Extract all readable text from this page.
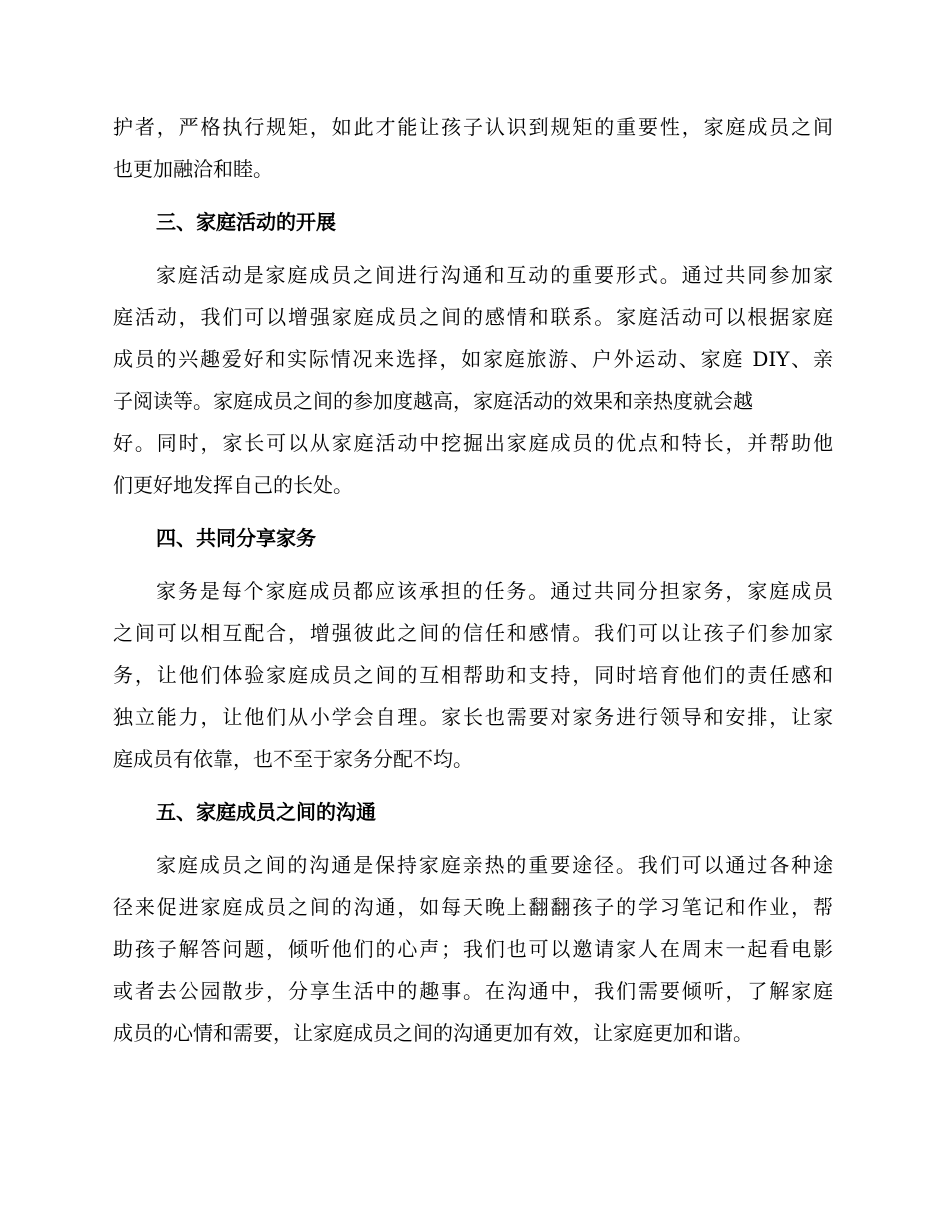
护者，严格执行规矩，如此才能让孩子认识到规矩的重要性，家庭成员之间
也更加融洽和睦。
三、家庭活动的开展
家庭活动是家庭成员之间进行沟通和互动的重要形式。通过共同参加家
庭活动，我们可以增强家庭成员之间的感情和联系。家庭活动可以根据家庭
成员的兴趣爱好和实际情况来选择，如家庭旅游、户外运动、家庭 DIY、亲
子阅读等。家庭成员之间的参加度越高，家庭活动的效果和亲热度就会越
好。同时，家长可以从家庭活动中挖掘出家庭成员的优点和特长，并帮助他
们更好地发挥自己的长处。
四、共同分享家务
家务是每个家庭成员都应该承担的任务。通过共同分担家务，家庭成员
之间可以相互配合，增强彼此之间的信任和感情。我们可以让孩子们参加家
务，让他们体验家庭成员之间的互相帮助和支持，同时培育他们的责任感和
独立能力，让他们从小学会自理。家长也需要对家务进行领导和安排，让家
庭成员有依靠，也不至于家务分配不均。
五、家庭成员之间的沟通
家庭成员之间的沟通是保持家庭亲热的重要途径。我们可以通过各种途
径来促进家庭成员之间的沟通，如每天晚上翻翻孩子的学习笔记和作业，帮
助孩子解答问题，倾听他们的心声；我们也可以邀请家人在周末一起看电影
或者去公园散步，分享生活中的趣事。在沟通中，我们需要倾听，了解家庭
成员的心情和需要，让家庭成员之间的沟通更加有效，让家庭更加和谐。
